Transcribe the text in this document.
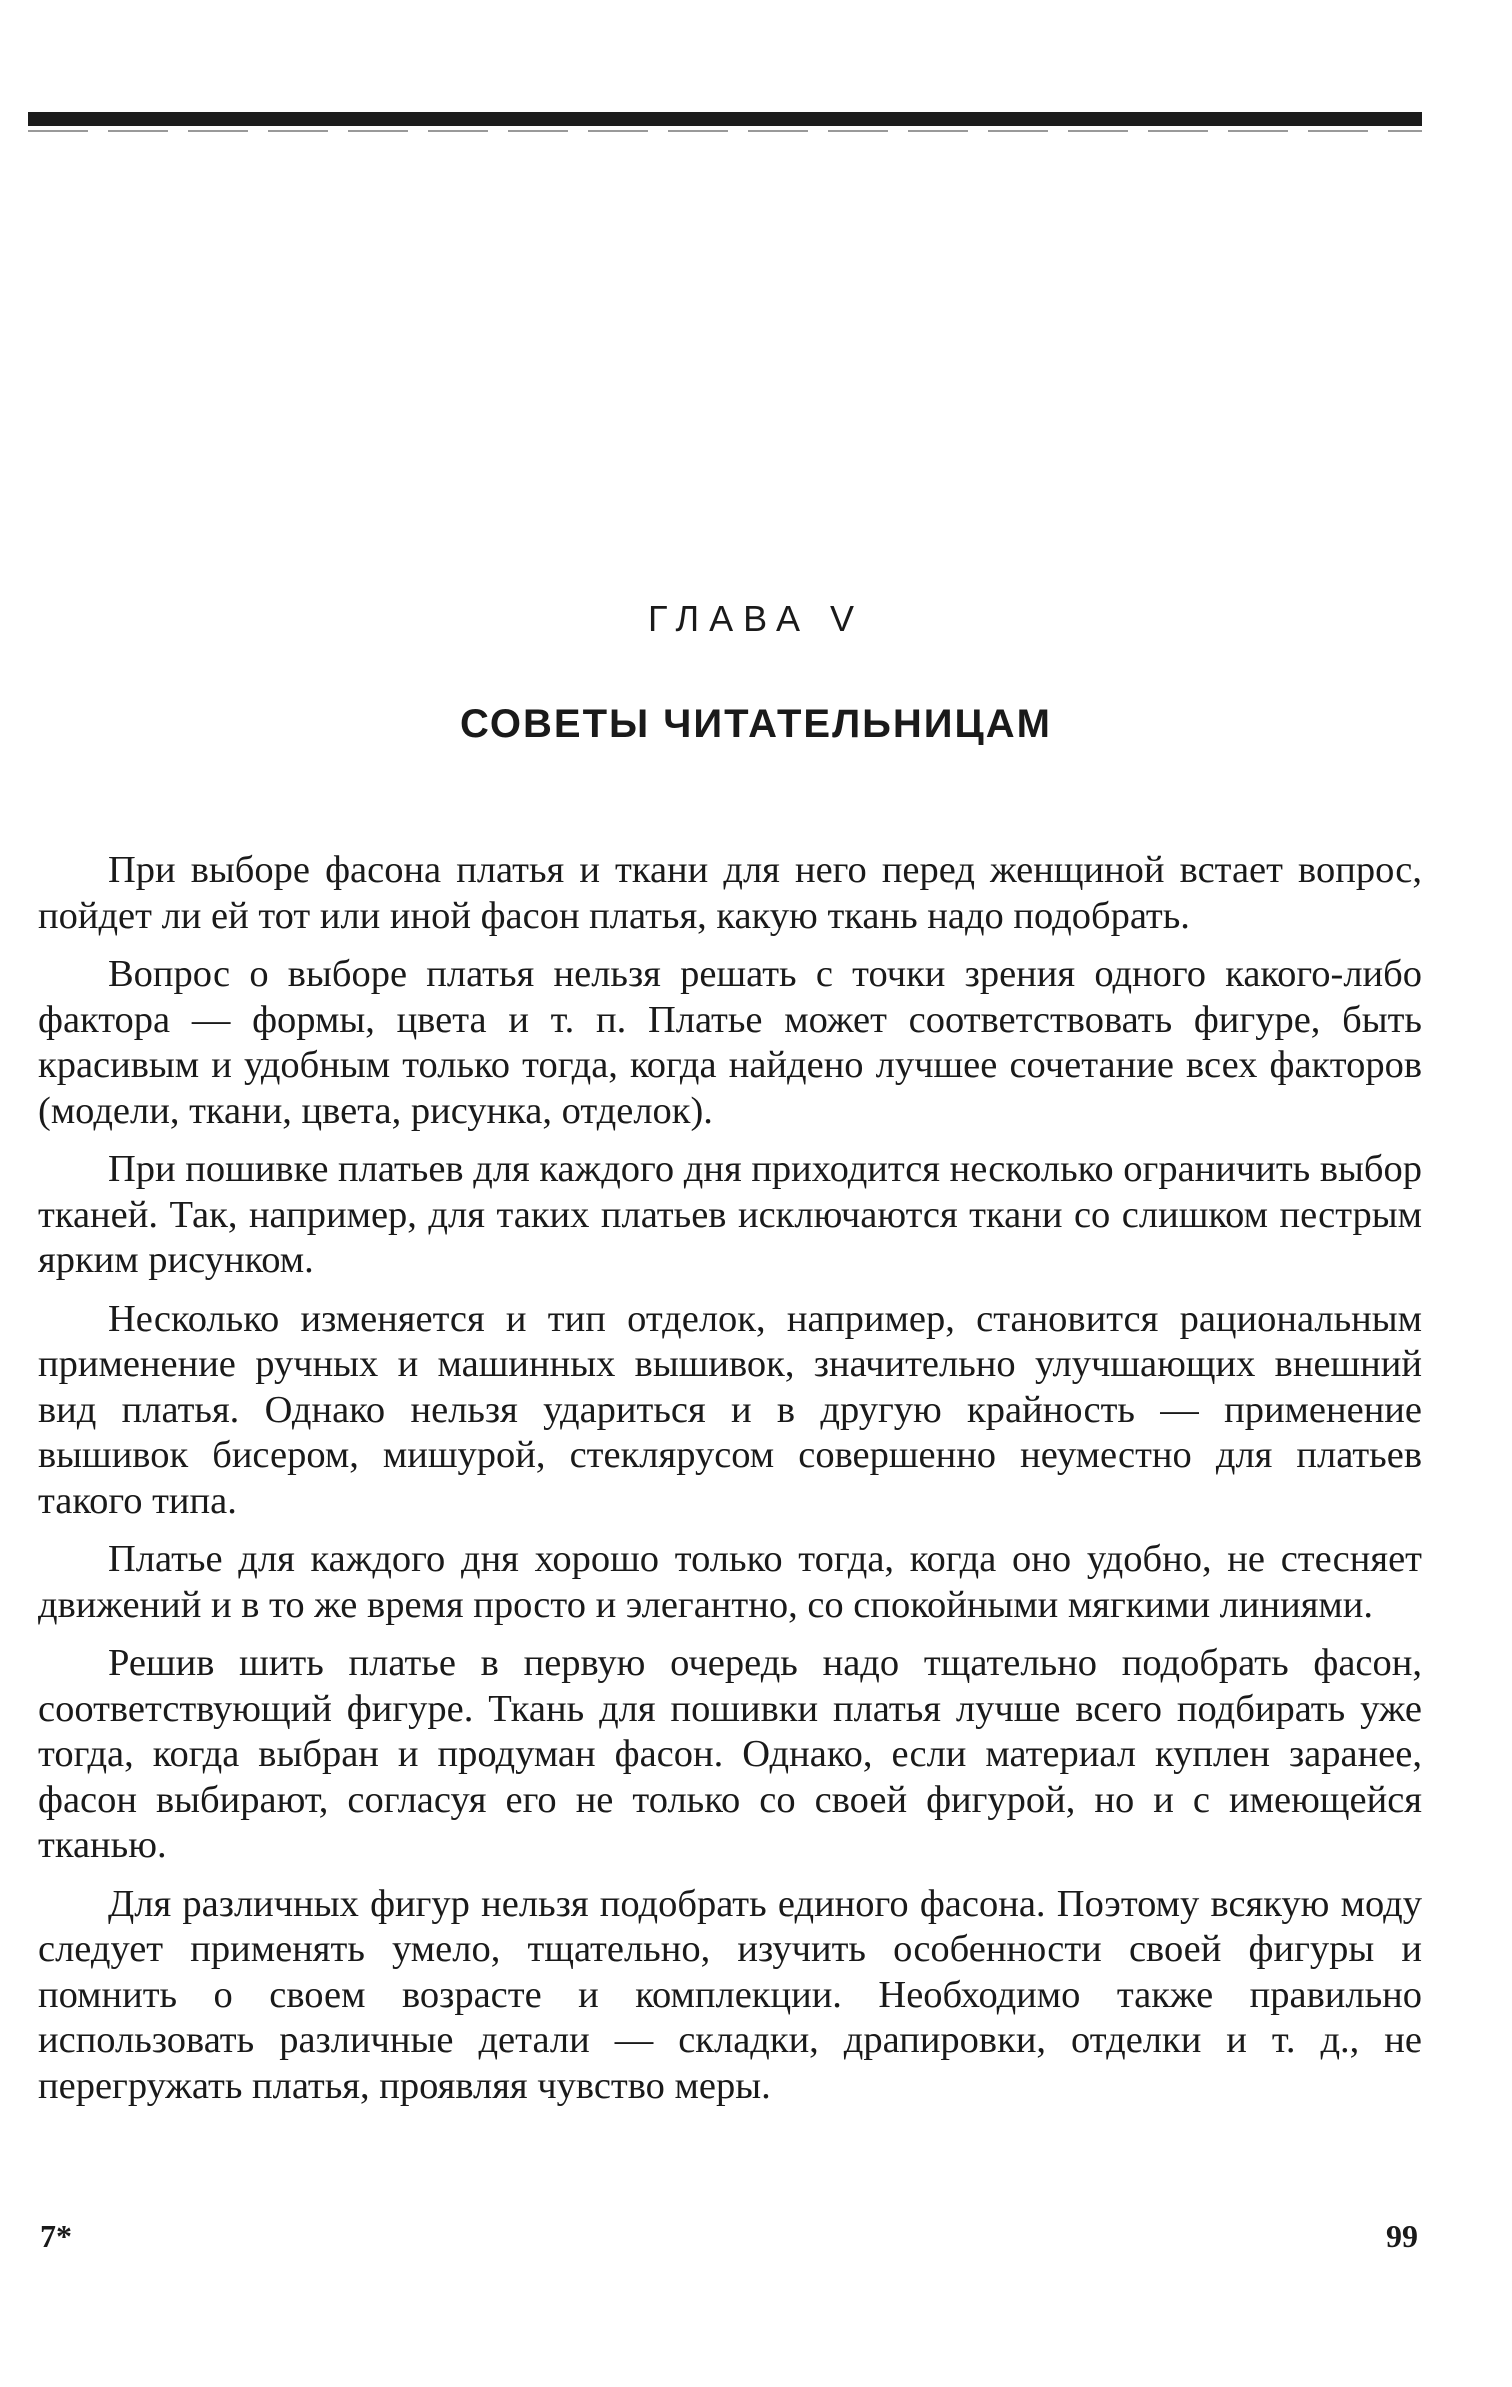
ГЛАВА V
СОВЕТЫ ЧИТАТЕЛЬНИЦАМ

При выборе фасона платья и ткани для него перед женщиной встает вопрос, пойдет ли ей тот или иной фасон платья, какую ткань надо подобрать.

Вопрос о выборе платья нельзя решать с точки зрения одного какого-либо фактора — формы, цвета и т. п. Платье может соответствовать фигуре, быть красивым и удобным только тогда, когда найдено лучшее сочетание всех факторов (модели, ткани, цвета, рисунка, отделок).

При пошивке платьев для каждого дня приходится несколько ограничить выбор тканей. Так, например, для таких платьев исключаются ткани со слишком пестрым ярким рисунком.

Несколько изменяется и тип отделок, например, становится рациональным применение ручных и машинных вышивок, значительно улучшающих внешний вид платья. Однако нельзя удариться и в другую крайность — применение вышивок бисером, мишурой, стеклярусом совершенно неуместно для платьев такого типа.

Платье для каждого дня хорошо только тогда, когда оно удобно, не стесняет движений и в то же время просто и элегантно, со спокойными мягкими линиями.

Решив шить платье в первую очередь надо тщательно подобрать фасон, соответствующий фигуре. Ткань для пошивки платья лучше всего подбирать уже тогда, когда выбран и продуман фасон. Однако, если материал куплен заранее, фасон выбирают, согласуя его не только со своей фигурой, но и с имеющейся тканью.

Для различных фигур нельзя подобрать единого фасона. Поэтому всякую моду следует применять умело, тщательно, изучить особенности своей фигуры и помнить о своем возрасте и комплекции. Необходимо также правильно использовать различные детали — складки, драпировки, отделки и т. д., не перегружать платья, проявляя чувство меры.

7*	99
